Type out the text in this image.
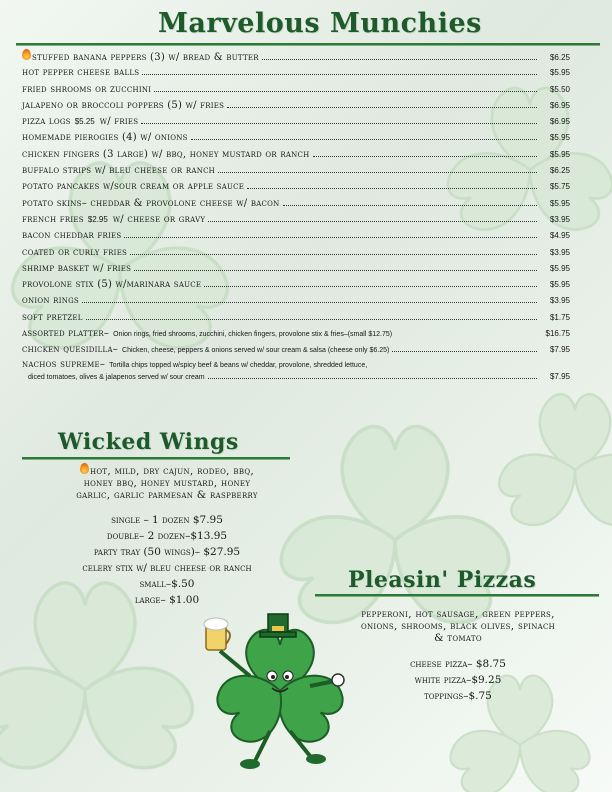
Marvelous Munchies
stuffed banana peppers (3) w/ bread & butter	$6.25
hot pepper cheese balls	$5.95
fried shrooms or zucchini	$5.50
jalapeno or broccoli poppers (5) w/ fries	$6.95
pizza logs $5.25 w/ fries	$6.95
homemade pierogies (4) w/ onions	$5.95
chicken fingers (3 large) w/ bbq, honey mustard or ranch	$5.95
buffalo strips w/ bleu cheese or ranch	$6.25
potato pancakes w/sour cream or apple sauce	$5.75
potato skins– cheddar & provolone cheese w/ bacon	$5.95
french fries $2.95 w/ cheese or gravy	$3.95
bacon cheddar fries	$4.95
coated or curly fries	$3.95
shrimp basket w/ fries	$5.95
provolone stix (5) w/marinara sauce	$5.95
onion rings	$3.95
soft pretzel	$1.75
assorted platter– Onion rings, fried shrooms, zucchini, chicken fingers, provolone stix & fries–(small $12.75)	$16.75
chicken quesidilla– Chicken, cheese, peppers & onions served w/ sour cream & salsa (cheese only $6.25)	$7.95
nachos supreme– Tortilla chips topped w/spicy beef & beans w/ cheddar, provolone, shredded lettuce,
diced tomatoes, olives & jalapenos served w/ sour cream	$7.95
Wicked Wings
hot, mild, dry cajun, rodeo, bbq,
honey bbq, honey mustard, honey
garlic, garlic parmesan & raspberry
single – 1 dozen $7.95
double– 2 dozen–$13.95
party tray (50 wings)– $27.95
celery stix w/ bleu cheese or ranch
small–$.50
large– $1.00
Pleasin' Pizzas
pepperoni, hot sausage, green peppers,
onions, shrooms, black olives, spinach
& tomato
cheese pizza– $8.75
white pizza–$9.25
toppings–$.75
